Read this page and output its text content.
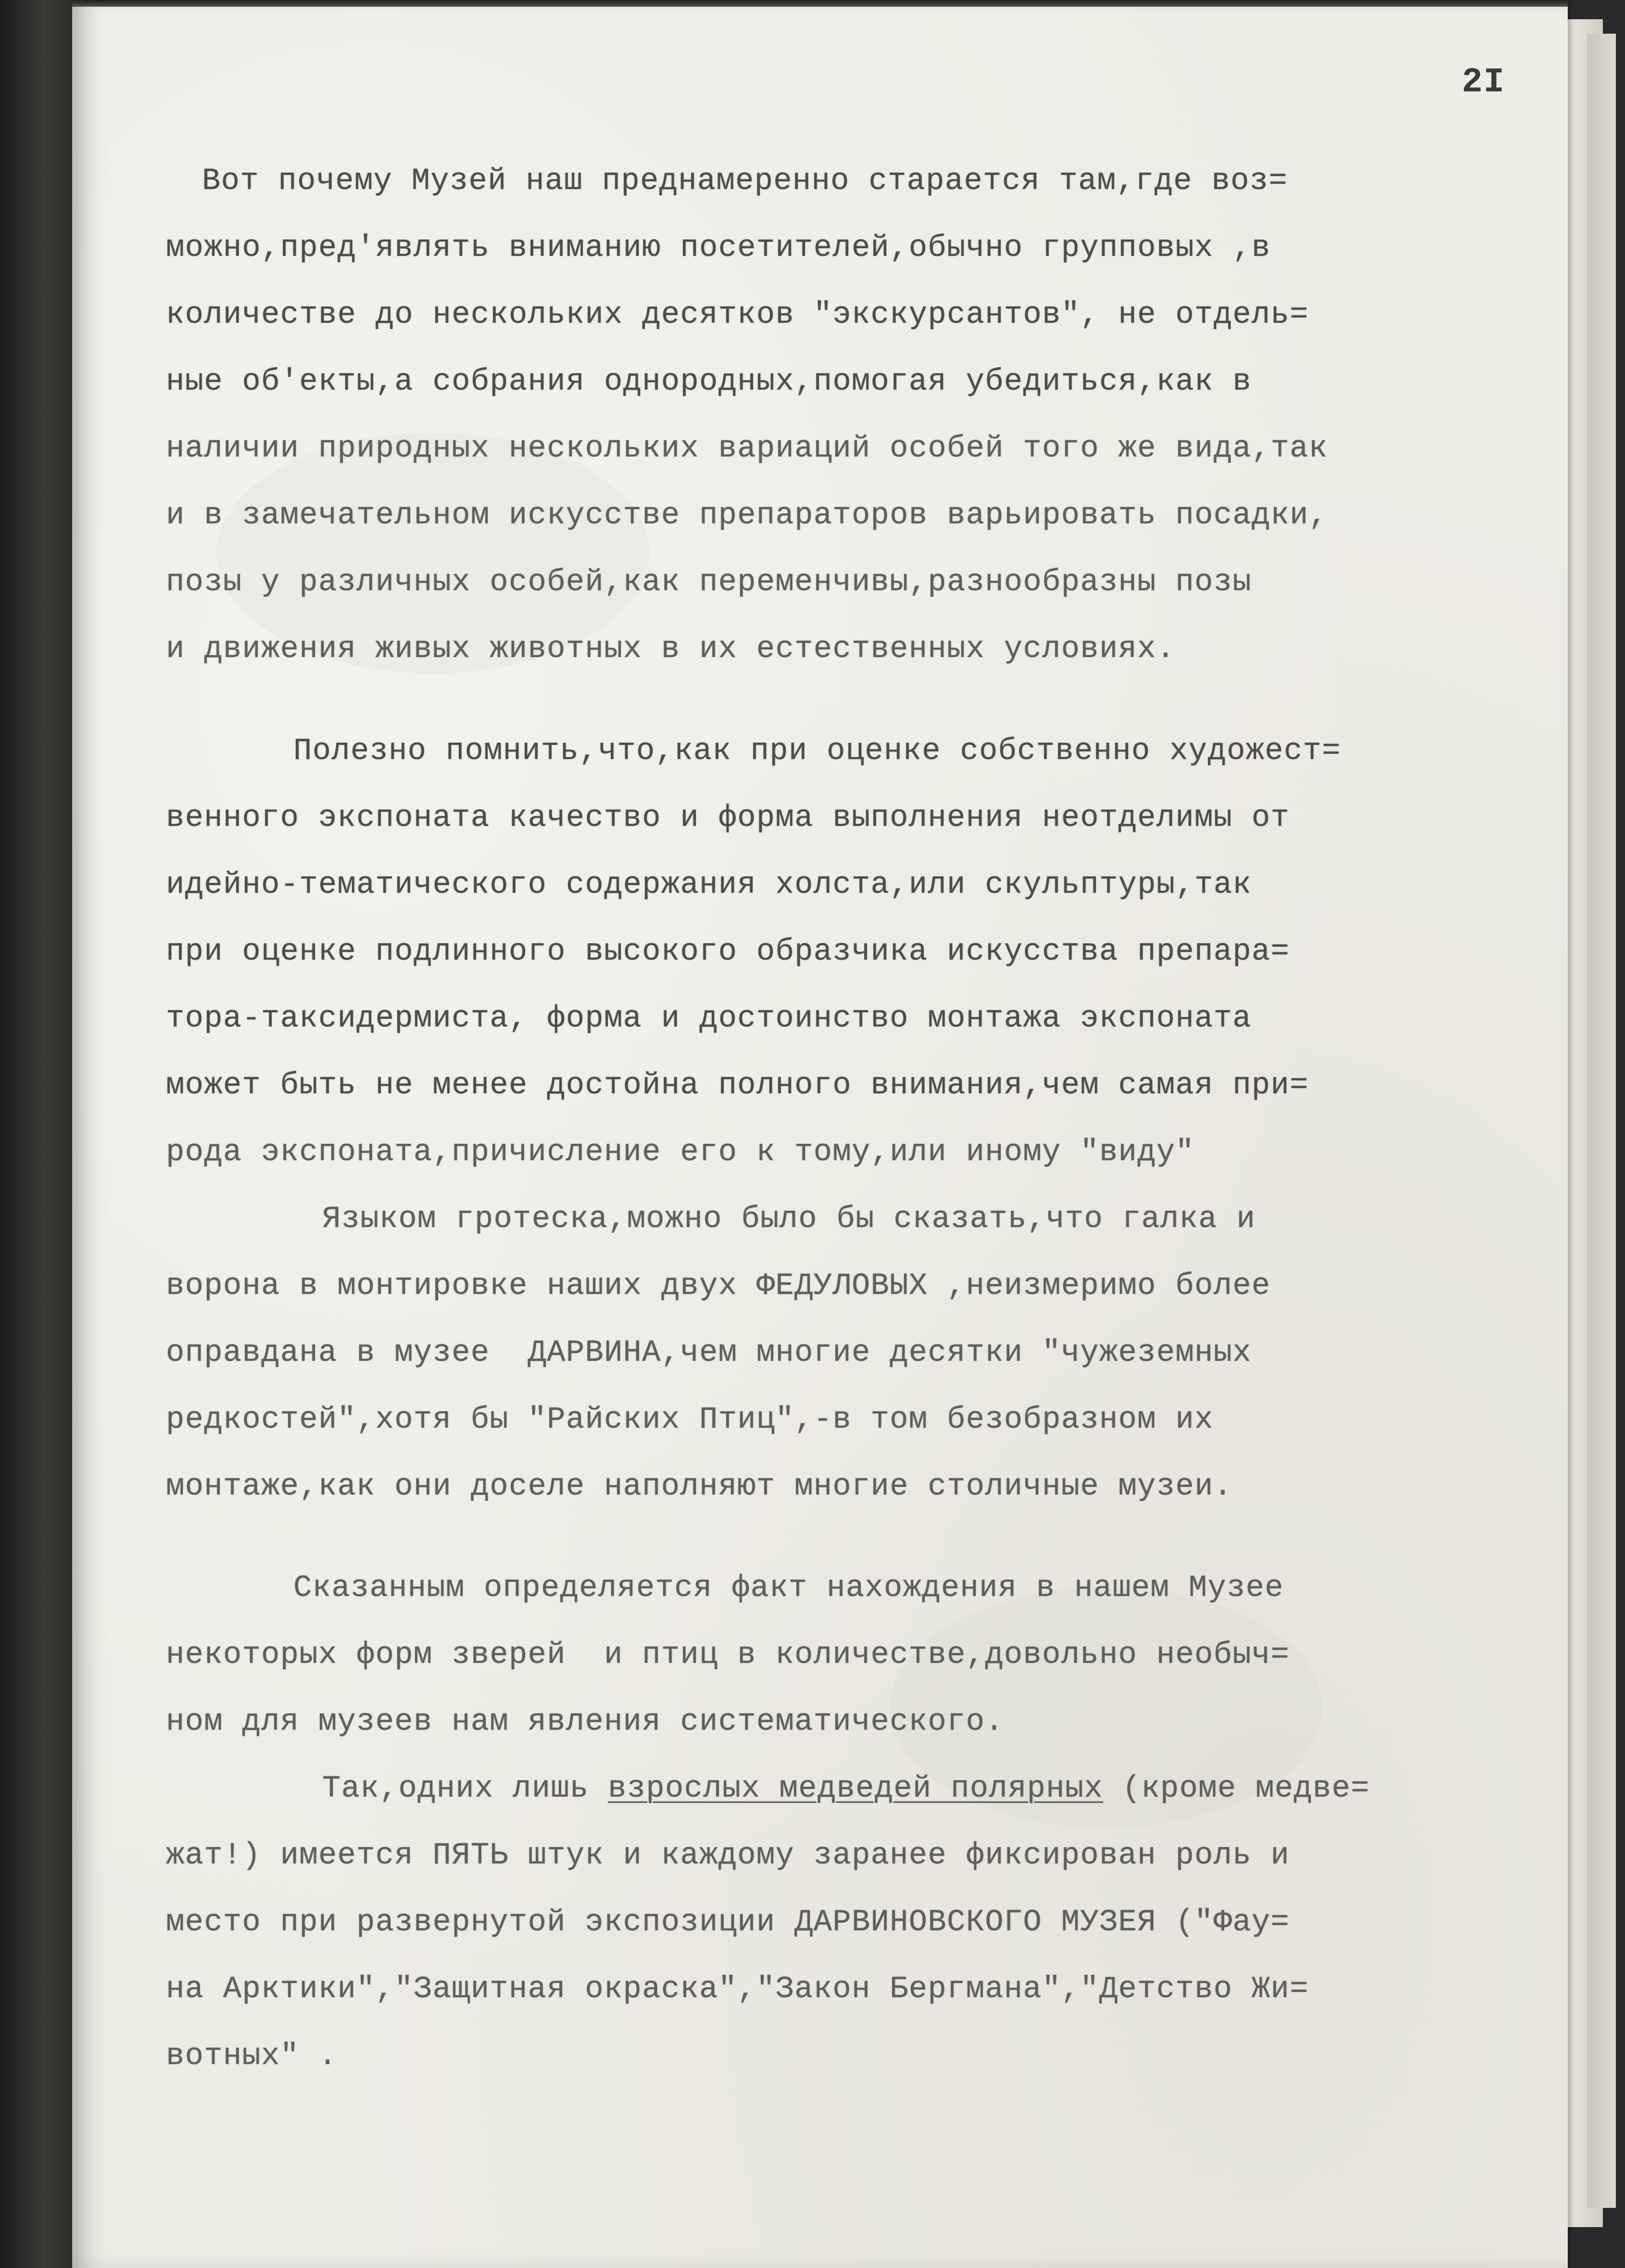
2I
Вот почему Музей наш преднамеренно старается там,где воз=
можно,пред'являть вниманию посетителей,обычно групповых ,в
количестве до нескольких десятков "экскурсантов", не отдель=
ные об'екты,а собрания однородных,помогая убедиться,как в
наличии природных нескольких вариаций особей того же вида,так
и в замечательном искусстве препараторов варьировать посадки,
позы у различных особей,как переменчивы,разнообразны позы
и движения живых животных в их естественных условиях.
Полезно помнить,что,как при оценке собственно художест=
венного экспоната качество и форма выполнения неотделимы от
идейно-тематического содержания холста,или скульптуры,так
при оценке подлинного высокого образчика искусства препара=
тора-таксидермиста, форма и достоинство монтажа экспоната
может быть не менее достойна полного внимания,чем самая при=
рода экспоната,причисление его к тому,или иному "виду"
Языком гротеска,можно было бы сказать,что галка и
ворона в монтировке наших двух ФЕДУЛОВЫХ ,неизмеримо более
оправдана в музее  ДАРВИНА,чем многие десятки "чужеземных
редкостей",хотя бы "Райских Птиц",-в том безобразном их
монтаже,как они доселе наполняют многие столичные музеи.
Сказанным определяется факт нахождения в нашем Музее
некоторых форм зверей  и птиц в количестве,довольно необыч=
ном для музеев нам явления систематического.
Так,одних лишь взрослых медведей полярных (кроме медве=
жат!) имеется ПЯТЬ штук и каждому заранее фиксирован роль и
место при развернутой экспозиции ДАРВИНОВСКОГО МУЗЕЯ ("Фау=
на Арктики","Защитная окраска","Закон Бергмана","Детство Жи=
вотных" .
